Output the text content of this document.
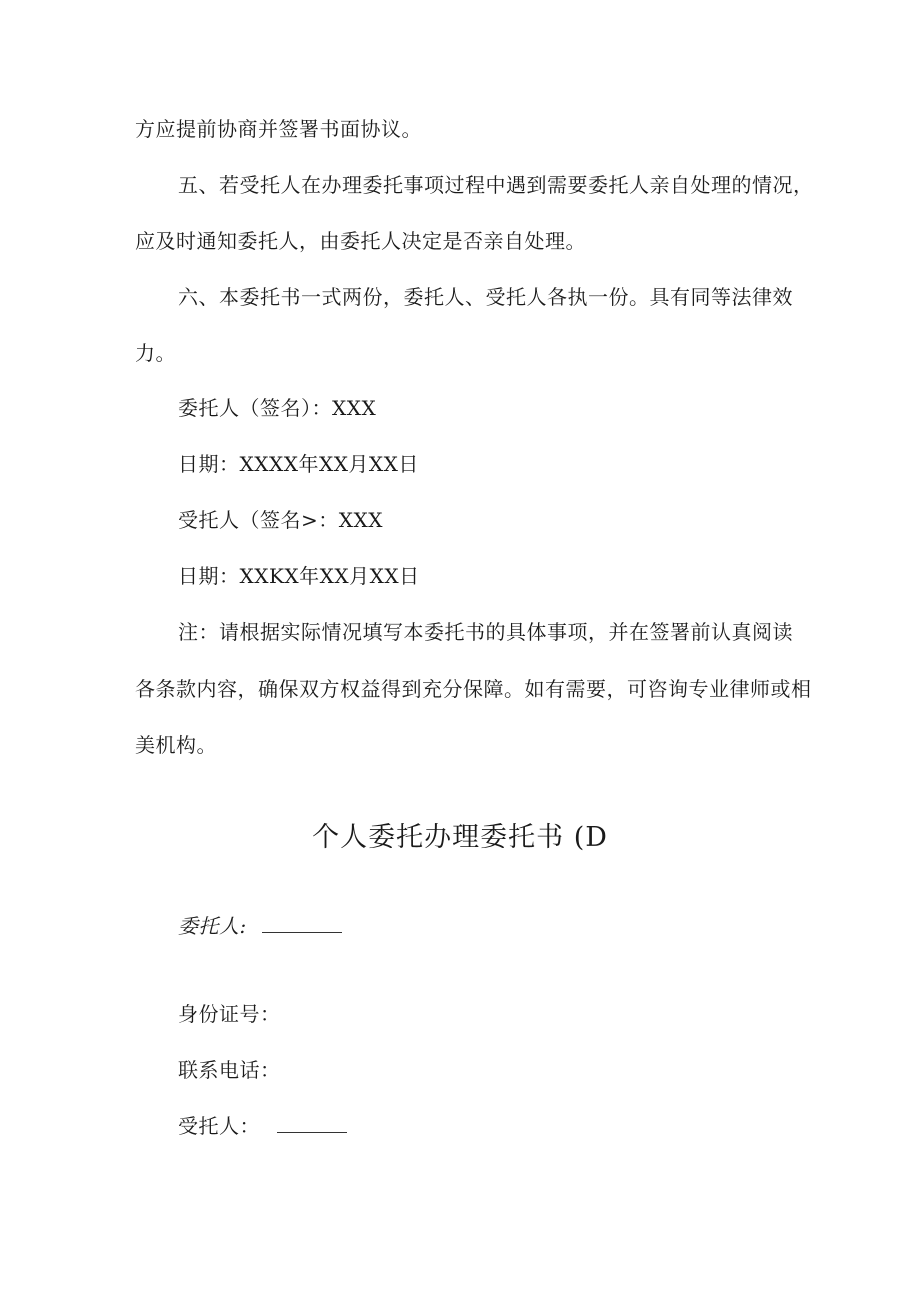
方应提前协商并签署书面协议。
五、若受托人在办理委托事项过程中遇到需要委托人亲自处理的情况，
应及时通知委托人，由委托人决定是否亲自处理。
六、本委托书一式两份，委托人、受托人各执一份。具有同等法律效
力。
委托人（签名）：XXX
日期：XXXX年XX月XX日
受托人（签名>：XXX
日期：XXKX年XX月XX日
注：请根据实际情况填写本委托书的具体事项，并在签署前认真阅读
各条款内容，确保双方权益得到充分保障。如有需要，可咨询专业律师或相
美机构。
个人委托办理委托书 (D
委托人:
身份证号：
联系电话：
受托人：
